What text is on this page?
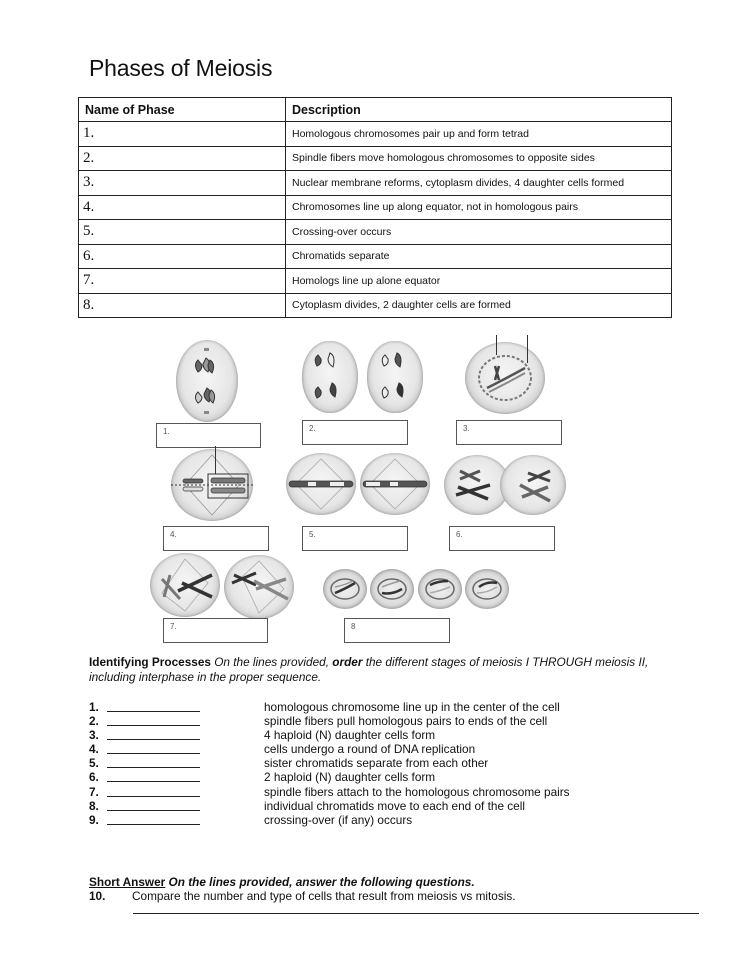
Phases of Meiosis
Name of Phase	Description
1.	Homologous chromosomes pair up and form tetrad
2.	Spindle fibers move homologous chromosomes to opposite sides
3.	Nuclear membrane reforms, cytoplasm divides, 4 daughter cells formed
4.	Chromosomes line up along equator, not in homologous pairs
5.	Crossing-over occurs
6.	Chromatids separate
7.	Homologs line up alone equator
8.	Cytoplasm divides, 2 daughter cells are formed
1.	2.	3.
4.	5.	6.
7.	8
Identifying Processes On the lines provided, order the different stages of meiosis I THROUGH meiosis II, including interphase in the proper sequence.
1.	homologous chromosome line up in the center of the cell
2.	spindle fibers pull homologous pairs to ends of the cell
3.	4 haploid (N) daughter cells form
4.	cells undergo a round of DNA replication
5.	sister chromatids separate from each other
6.	2 haploid (N) daughter cells form
7.	spindle fibers attach to the homologous chromosome pairs
8.	individual chromatids move to each end of the cell
9.	crossing-over (if any) occurs
Short Answer On the lines provided, answer the following questions.
10. Compare the number and type of cells that result from meiosis vs mitosis.
